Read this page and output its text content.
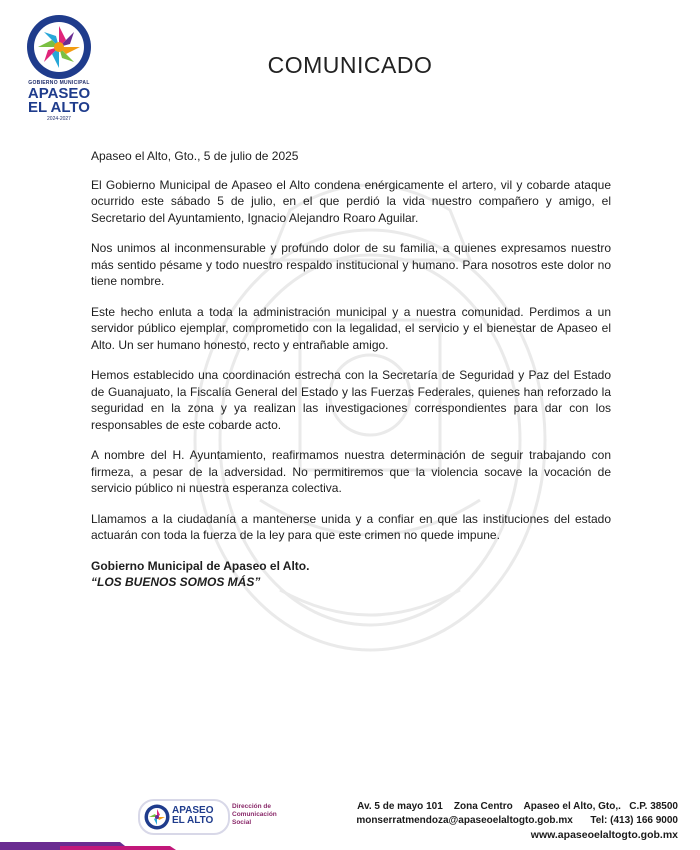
GOBIERNO MUNICIPAL
APASEO
EL ALTO
2024-2027
COMUNICADO

Apaseo el Alto, Gto., 5 de julio de 2025

El Gobierno Municipal de Apaseo el Alto condena enérgicamente el artero, vil y cobarde ataque ocurrido este sábado 5 de julio, en el que perdió la vida nuestro compañero y amigo, el Secretario del Ayuntamiento, Ignacio Alejandro Roaro Aguilar.

Nos unimos al inconmensurable y profundo dolor de su familia, a quienes expresamos nuestro más sentido pésame y todo nuestro respaldo institucional y humano. Para nosotros este dolor no tiene nombre.

Este hecho enluta a toda la administración municipal y a nuestra comunidad. Perdimos a un servidor público ejemplar, comprometido con la legalidad, el servicio y el bienestar de Apaseo el Alto. Un ser humano honesto, recto y entrañable amigo.

Hemos establecido una coordinación estrecha con la Secretaría de Seguridad y Paz del Estado de Guanajuato, la Fiscalía General del Estado y las Fuerzas Federales, quienes han reforzado la seguridad en la zona y ya realizan las investigaciones correspondientes para dar con los responsables de este cobarde acto.

A nombre del H. Ayuntamiento, reafirmamos nuestra determinación de seguir trabajando con firmeza, a pesar de la adversidad. No permitiremos que la violencia socave la vocación de servicio público ni nuestra esperanza colectiva.

Llamamos a la ciudadanía a mantenerse unida y a confiar en que las instituciones del estado actuarán con toda la fuerza de la ley para que este crimen no quede impune.

Gobierno Municipal de Apaseo el Alto.
“LOS BUENOS SOMOS MÁS”
APASEO
EL ALTO
Dirección de
Comunicación
Social
Av. 5 de mayo 101    Zona Centro    Apaseo el Alto, Gto,.   C.P. 38500
monserratmendoza@apaseoelaltogto.gob.mx Tel: (413) 166 9000
www.apaseoelaltogto.gob.mx
